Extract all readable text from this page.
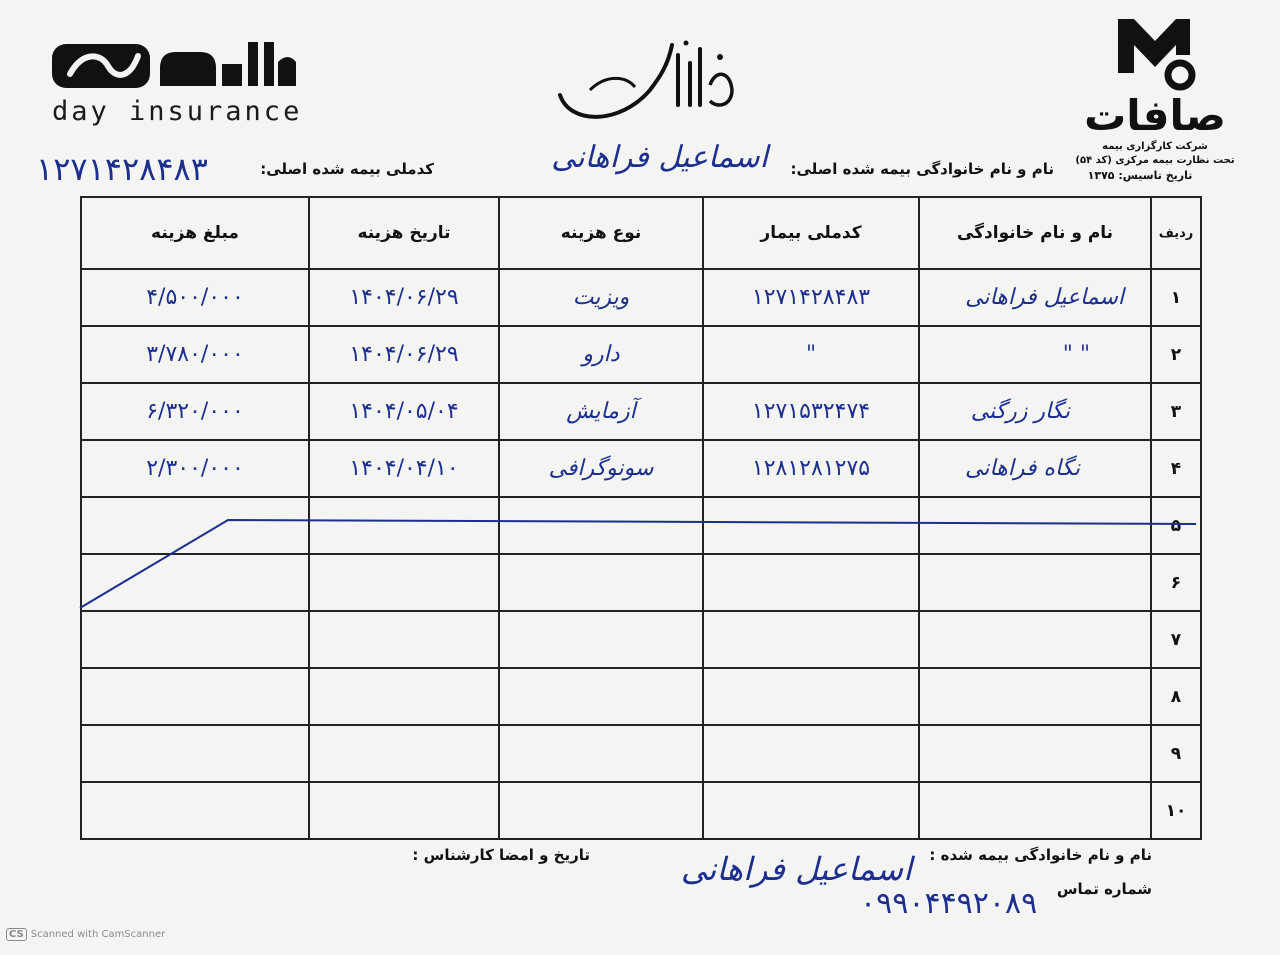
day insurance	صافات
شرکت کارگزاری بیمه
تحت نظارت بیمه مرکزی (کد ۵۴)
تاریخ تاسیس: ۱۳۷۵
نام و نام خانوادگی بیمه شده اصلی:
اسماعیل فراهانی
کدملی بیمه شده اصلی:
۱۲۷۱۴۲۸۴۸۳
ردیف	نام و نام خانوادگی	کدملی بیمار	نوع هزینه	تاریخ هزینه	مبلغ هزینه
۱	اسماعیل فراهانی	۱۲۷۱۴۲۸۴۸۳	ویزیت	۱۴۰۴/۰۶/۲۹	۴/۵۰۰/۰۰۰
۲	" "	"	دارو	۱۴۰۴/۰۶/۲۹	۳/۷۸۰/۰۰۰
۳	نگار زرگنی	۱۲۷۱۵۳۲۴۷۴	آزمایش	۱۴۰۴/۰۵/۰۴	۶/۳۲۰/۰۰۰
۴	نگاه فراهانی	۱۲۸۱۲۸۱۲۷۵	سونوگرافی	۱۴۰۴/۰۴/۱۰	۲/۳۰۰/۰۰۰
۵					
۶					
۷					
۸					
۹					
۱۰					
نام و نام خانوادگی بیمه شده :
اسماعیل فراهانی
شماره تماس
۰۹۹۰۴۴۹۲۰۸۹
تاریخ و امضا کارشناس :
CS Scanned with CamScanner
